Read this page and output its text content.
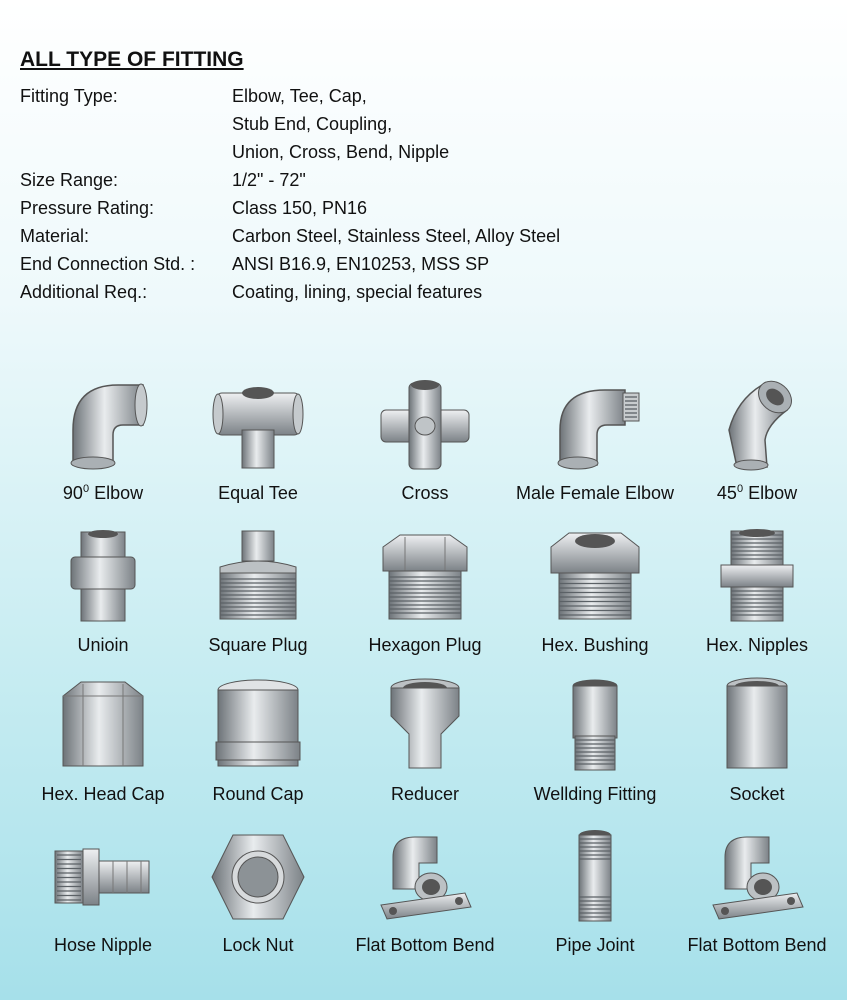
ALL TYPE OF FITTING
Fitting Type:	Elbow, Tee, Cap,
Stub End, Coupling,
Union, Cross, Bend, Nipple
Size Range:	1/2" - 72"
Pressure Rating:	Class 150, PN16
Material:	Carbon Steel, Stainless Steel, Alloy Steel
End Connection Std. : ANSI B16.9, EN10253, MSS SP
Additional Req.:	Coating, lining, special features
$90^0$ Elbow	Equal Tee	Cross	Male Female Elbow	$45^0$ Elbow
Unioin	Square Plug	Hexagon Plug	Hex. Bushing	Hex. Nipples
Hex. Head Cap	Round Cap	Reducer	Wellding Fitting	Socket
Hose Nipple	Lock Nut	Flat Bottom Bend	Pipe Joint	Flat Bottom Bend
